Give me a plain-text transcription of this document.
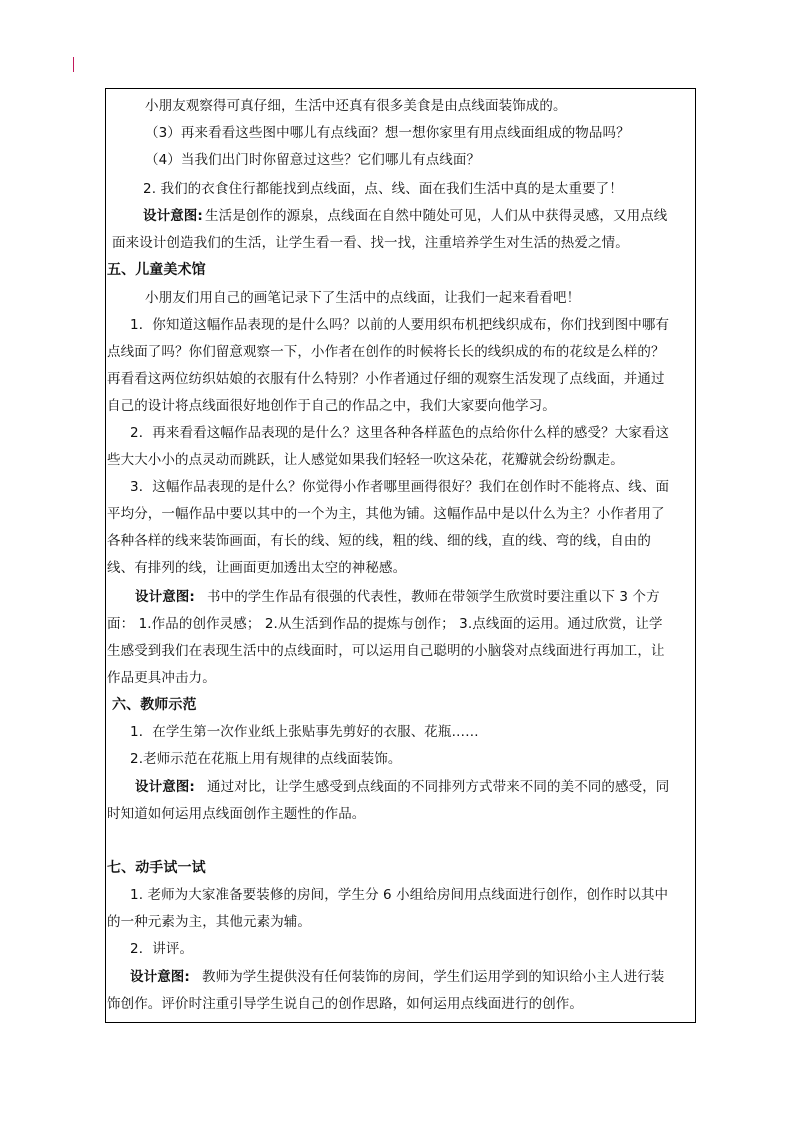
小朋友观察得可真仔细，生活中还真有很多美食是由点线面装饰成的。
（3）再来看看这些图中哪儿有点线面？想一想你家里有用点线面组成的物品吗？
（4）当我们出门时你留意过这些？它们哪儿有点线面？
2. 我们的衣食住行都能找到点线面，点、线、面在我们生活中真的是太重要了！
设计意图: 生活是创作的源泉，点线面在自然中随处可见，人们从中获得灵感，又用点线
面来设计创造我们的生活，让学生看一看、找一找，注重培养学生对生活的热爱之情。
五、儿童美术馆
小朋友们用自己的画笔记录下了生活中的点线面，让我们一起来看看吧！
1．你知道这幅作品表现的是什么吗？以前的人要用织布机把线织成布，你们找到图中哪有
点线面了吗？你们留意观察一下，小作者在创作的时候将长长的线织成的布的花纹是么样的？
再看看这两位纺织姑娘的衣服有什么特别？小作者通过仔细的观察生活发现了点线面，并通过
自己的设计将点线面很好地创作于自己的作品之中，我们大家要向他学习。
2．再来看看这幅作品表现的是什么？这里各种各样蓝色的点给你什么样的感受？大家看这
些大大小小的点灵动而跳跃，让人感觉如果我们轻轻一吹这朵花，花瓣就会纷纷飘走。
3．这幅作品表现的是什么？你觉得小作者哪里画得很好？我们在创作时不能将点、线、面
平均分，一幅作品中要以其中的一个为主，其他为铺。这幅作品中是以什么为主？小作者用了
各种各样的线来装饰画面，有长的线、短的线，粗的线、细的线，直的线、弯的线，自由的
线、有排列的线，让画面更加透出太空的神秘感。
设计意图: 书中的学生作品有很强的代表性，教师在带领学生欣赏时要注重以下 3 个方
面： 1.作品的创作灵感； 2.从生活到作品的提炼与创作； 3.点线面的运用。通过欣赏，让学
生感受到我们在表现生活中的点线面时，可以运用自己聪明的小脑袋对点线面进行再加工，让
作品更具冲击力。
六、教师示范
1．在学生第一次作业纸上张贴事先剪好的衣服、花瓶……
2.老师示范在花瓶上用有规律的点线面装饰。
设计意图: 通过对比，让学生感受到点线面的不同排列方式带来不同的美不同的感受，同
时知道如何运用点线面创作主题性的作品。
七、动手试一试
1. 老师为大家准备要装修的房间，学生分 6 小组给房间用点线面进行创作，创作时以其中
的一种元素为主，其他元素为辅。
2．讲评。
设计意图: 教师为学生提供没有任何装饰的房间，学生们运用学到的知识给小主人进行装
饰创作。评价时注重引导学生说自己的创作思路，如何运用点线面进行的创作。
